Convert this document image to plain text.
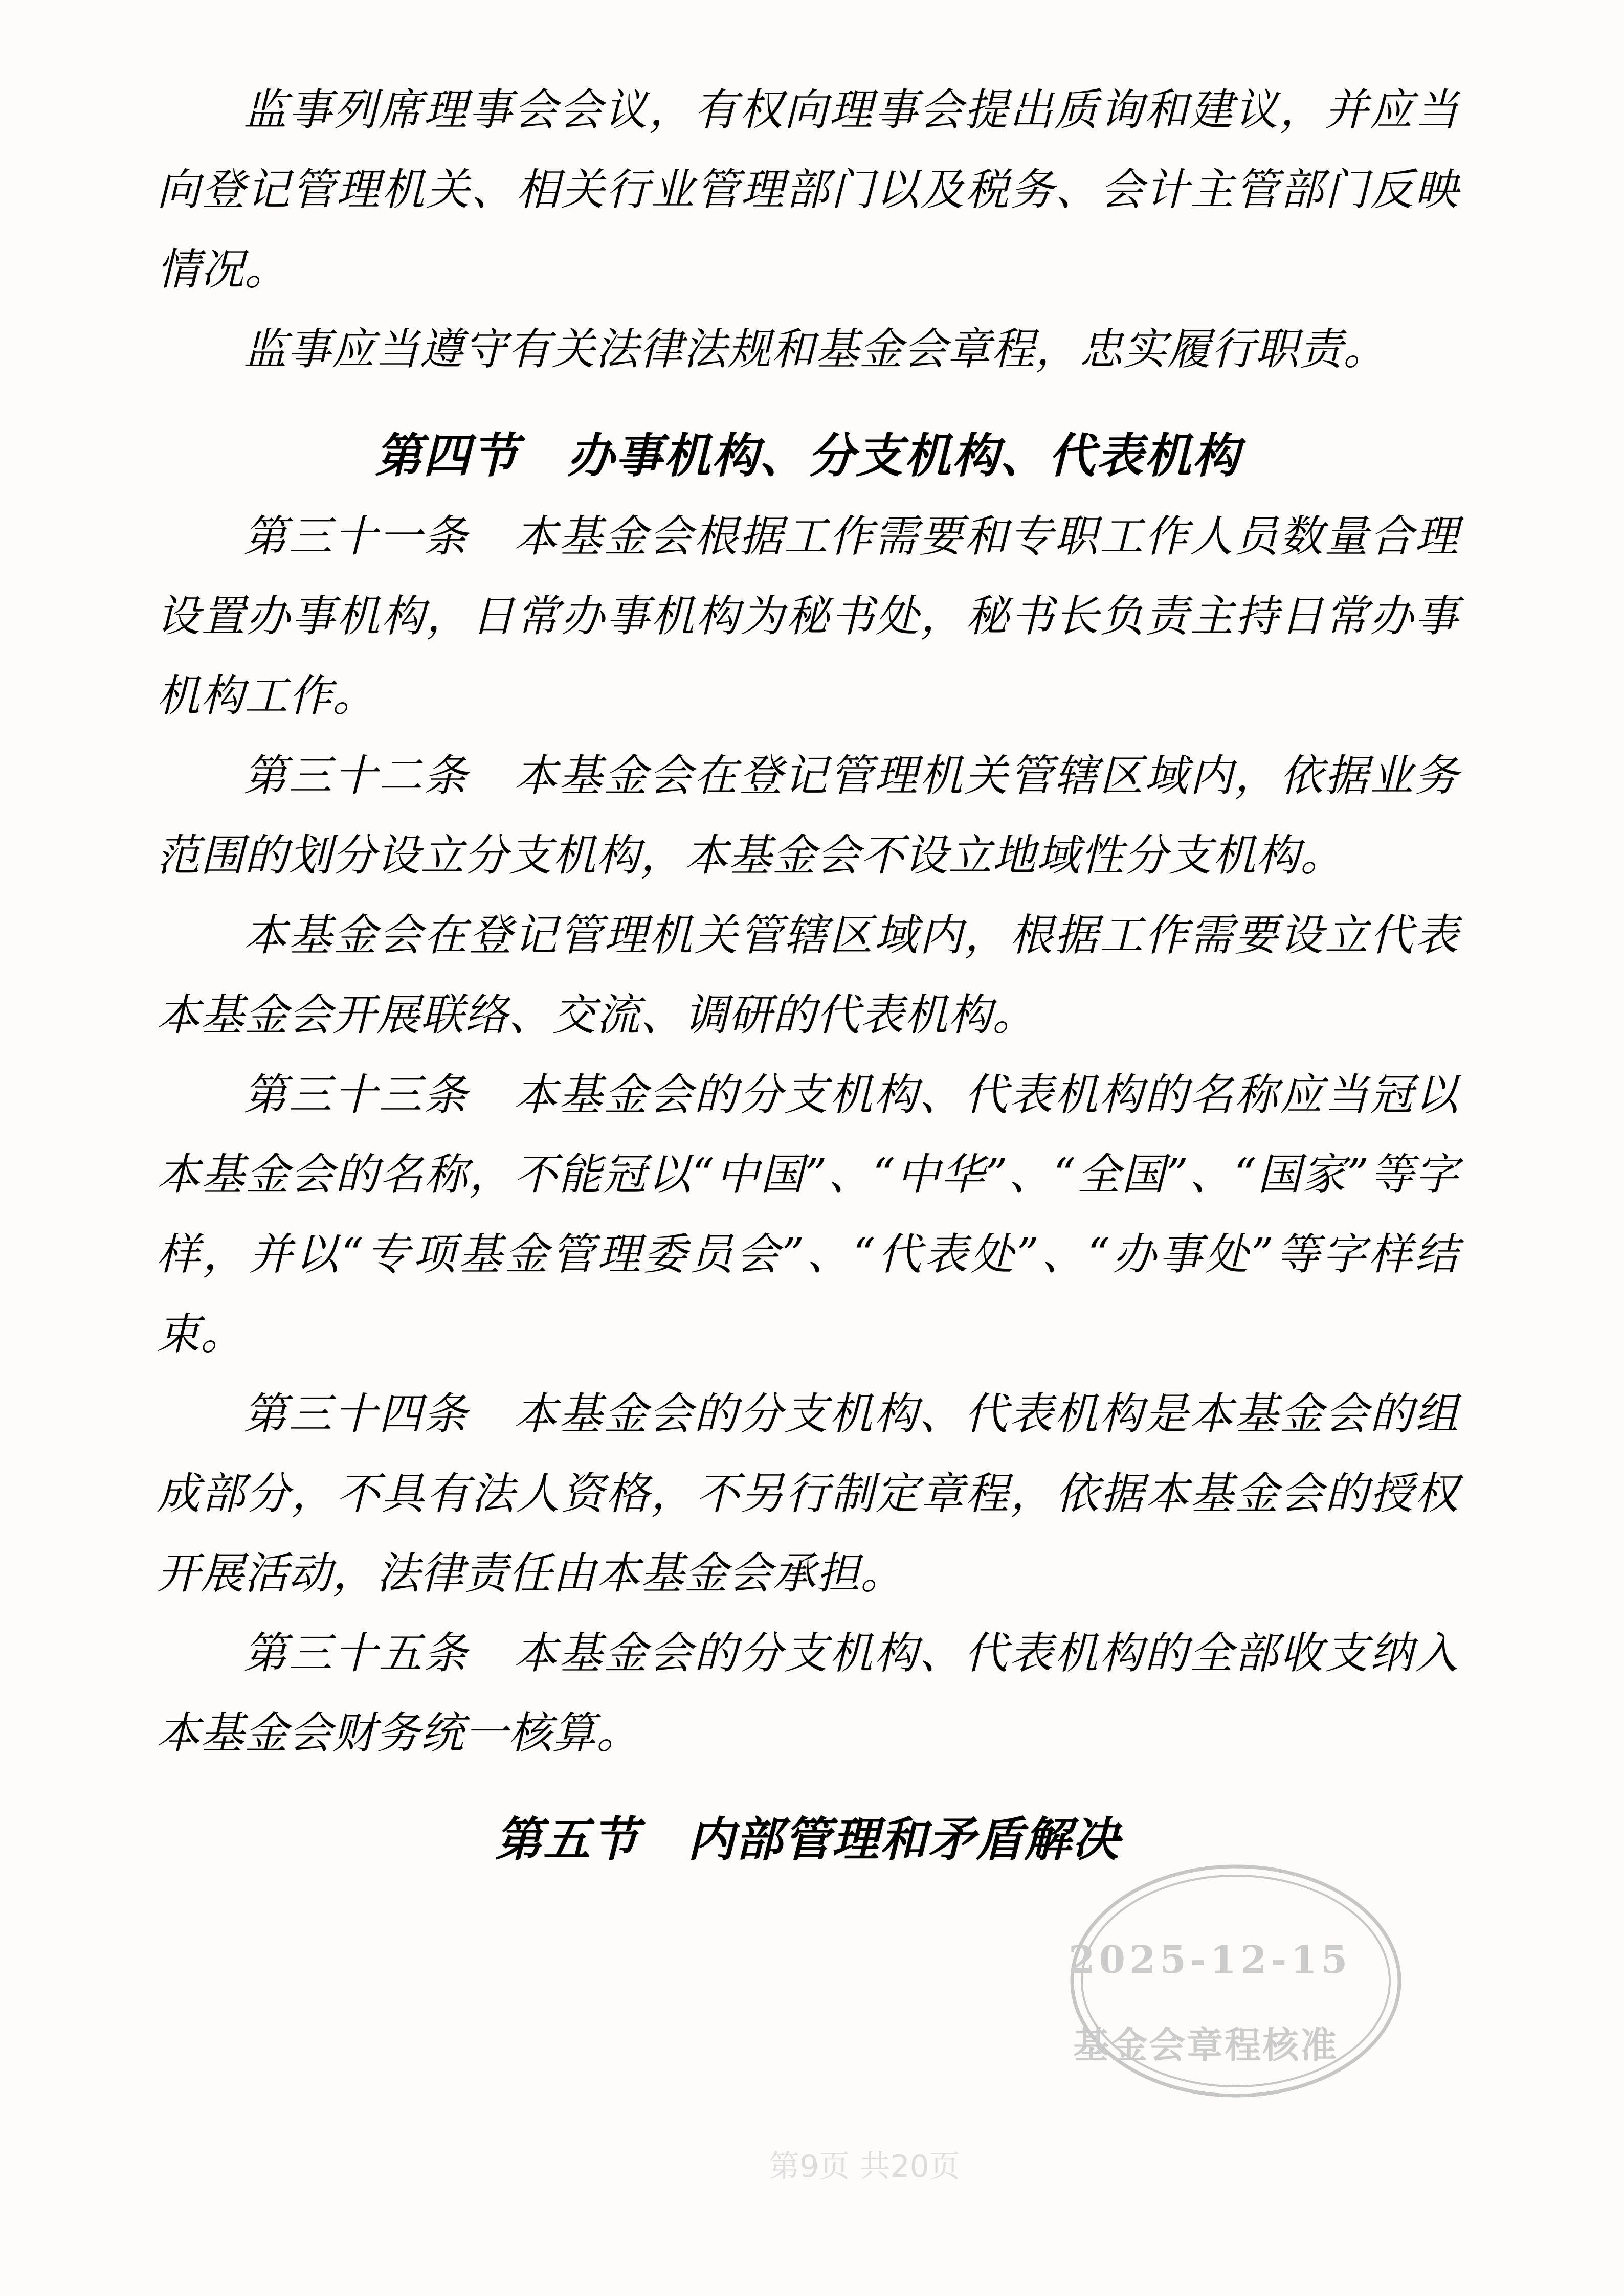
监事列席理事会会议，有权向理事会提出质询和建议，并应当向登记管理机关、相关行业管理部门以及税务、会计主管部门反映情况。

监事应当遵守有关法律法规和基金会章程，忠实履行职责。

第四节　办事机构、分支机构、代表机构

第三十一条　本基金会根据工作需要和专职工作人员数量合理设置办事机构，日常办事机构为秘书处，秘书长负责主持日常办事机构工作。

第三十二条　本基金会在登记管理机关管辖区域内，依据业务范围的划分设立分支机构，本基金会不设立地域性分支机构。

本基金会在登记管理机关管辖区域内，根据工作需要设立代表本基金会开展联络、交流、调研的代表机构。

第三十三条　本基金会的分支机构、代表机构的名称应当冠以本基金会的名称，不能冠以“中国”、“中华”、“全国”、“国家”等字样，并以“专项基金管理委员会”、“代表处”、“办事处”等字样结束。

第三十四条　本基金会的分支机构、代表机构是本基金会的组成部分，不具有法人资格，不另行制定章程，依据本基金会的授权开展活动，法律责任由本基金会承担。

第三十五条　本基金会的分支机构、代表机构的全部收支纳入本基金会财务统一核算。

第五节　内部管理和矛盾解决

2025-12-15
基金会章程核准
第9页 共20页
